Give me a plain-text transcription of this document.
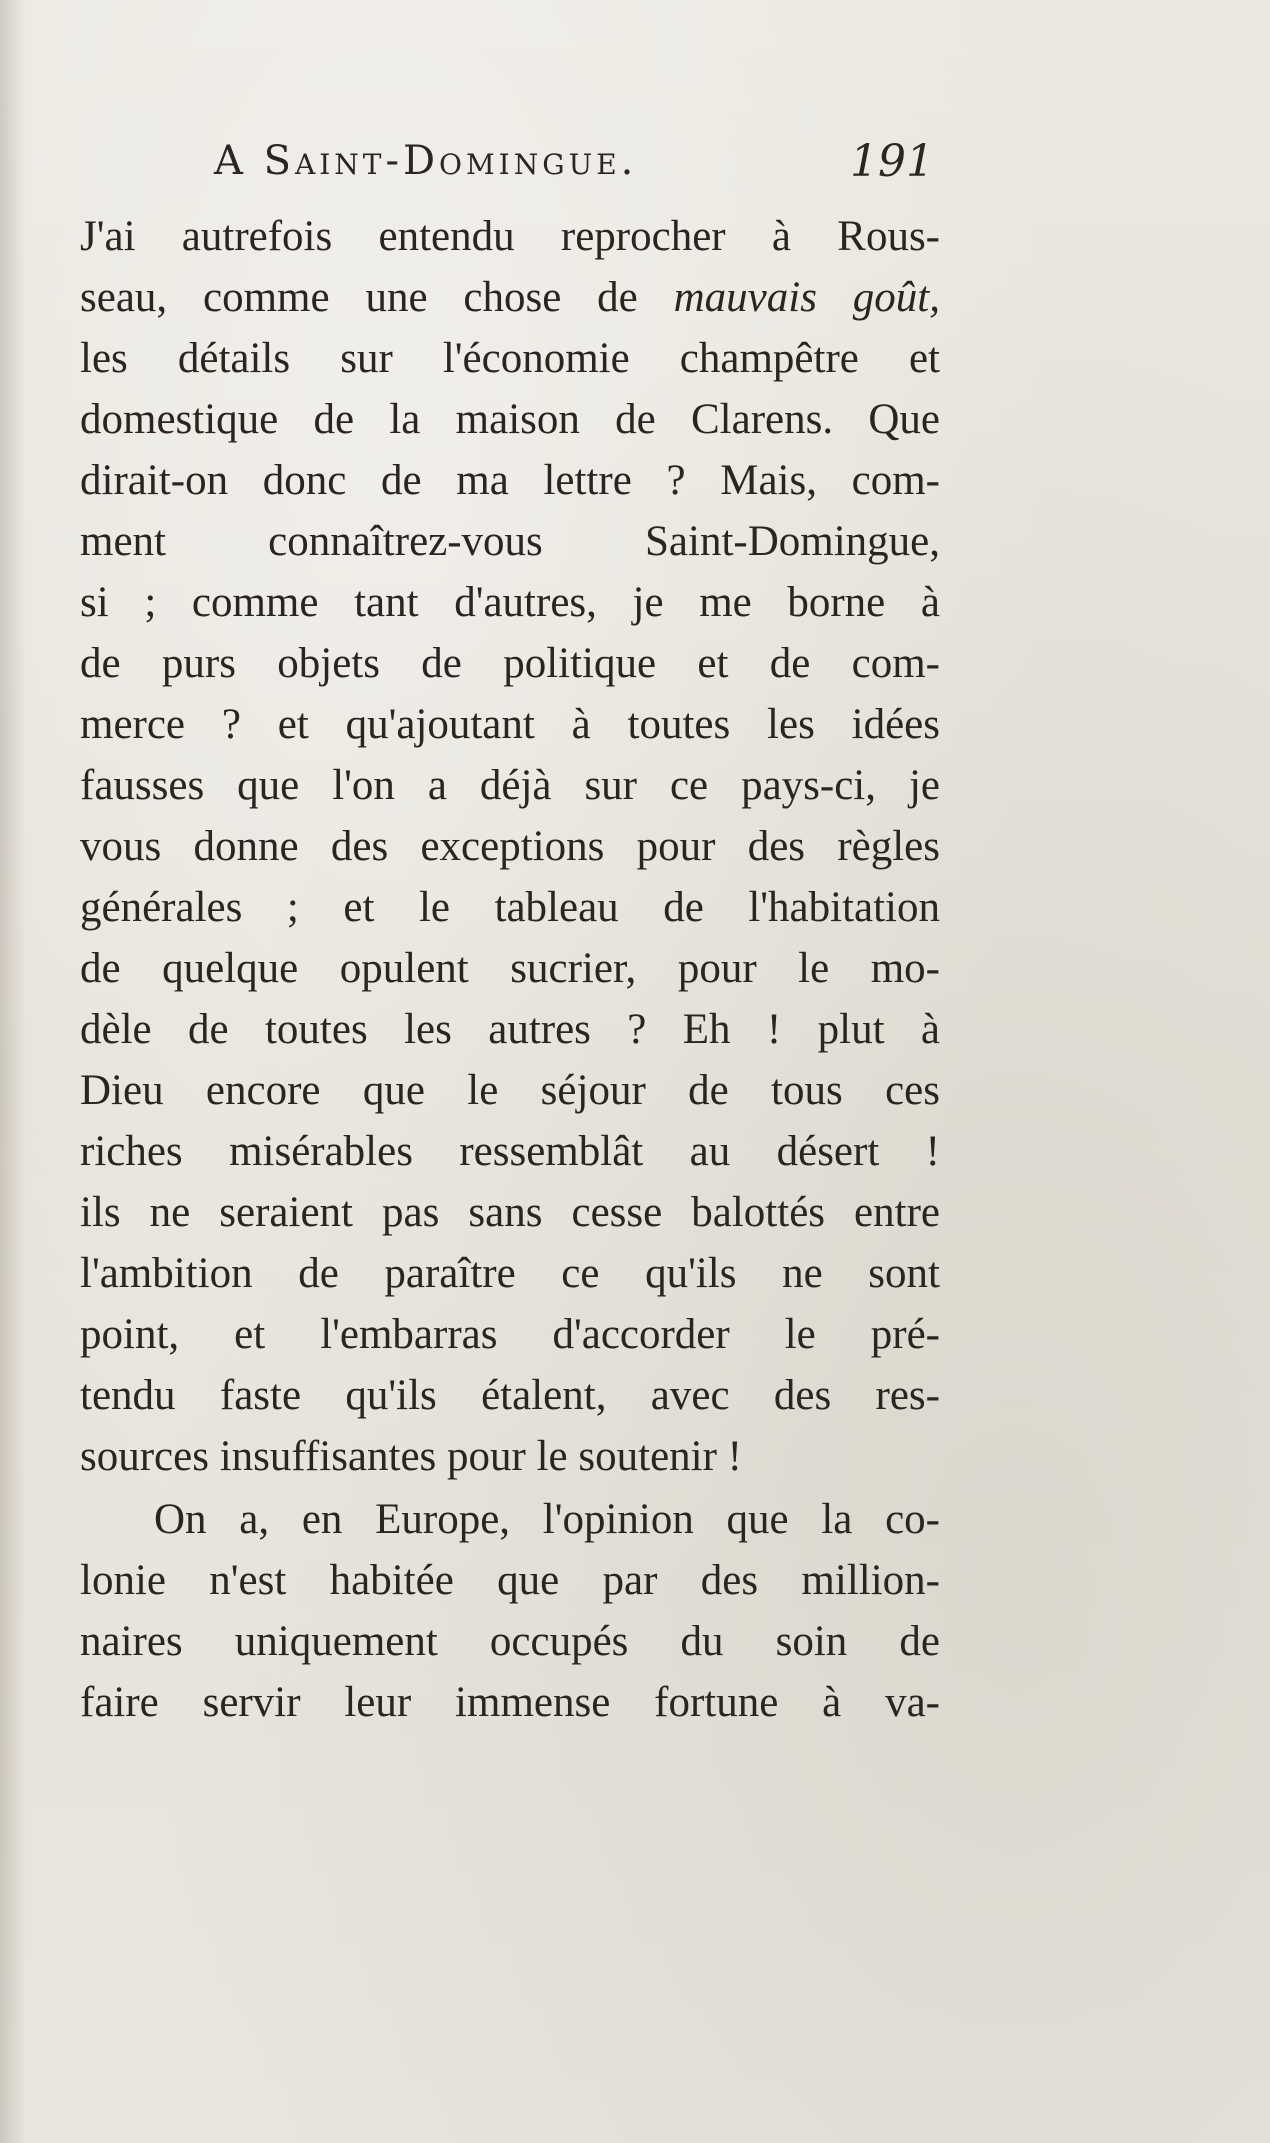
A Saint-Domingue.	191
J'ai autrefois entendu reprocher à Rous-
seau, comme une chose de mauvais goût,
les détails sur l'économie champêtre et
domestique de la maison de Clarens. Que
dirait-on donc de ma lettre ? Mais, com-
ment connaîtrez-vous Saint-Domingue,
si ; comme tant d'autres, je me borne à
de purs objets de politique et de com-
merce ? et qu'ajoutant à toutes les idées
fausses que l'on a déjà sur ce pays-ci, je
vous donne des exceptions pour des règles
générales ; et le tableau de l'habitation
de quelque opulent sucrier, pour le mo-
dèle de toutes les autres ? Eh ! plut à
Dieu encore que le séjour de tous ces
riches misérables ressemblât au désert !
ils ne seraient pas sans cesse balottés entre
l'ambition de paraître ce qu'ils ne sont
point, et l'embarras d'accorder le pré-
tendu faste qu'ils étalent, avec des res-
sources insuffisantes pour le soutenir !
On a, en Europe, l'opinion que la co-
lonie n'est habitée que par des million-
naires uniquement occupés du soin de
faire servir leur immense fortune à va-
